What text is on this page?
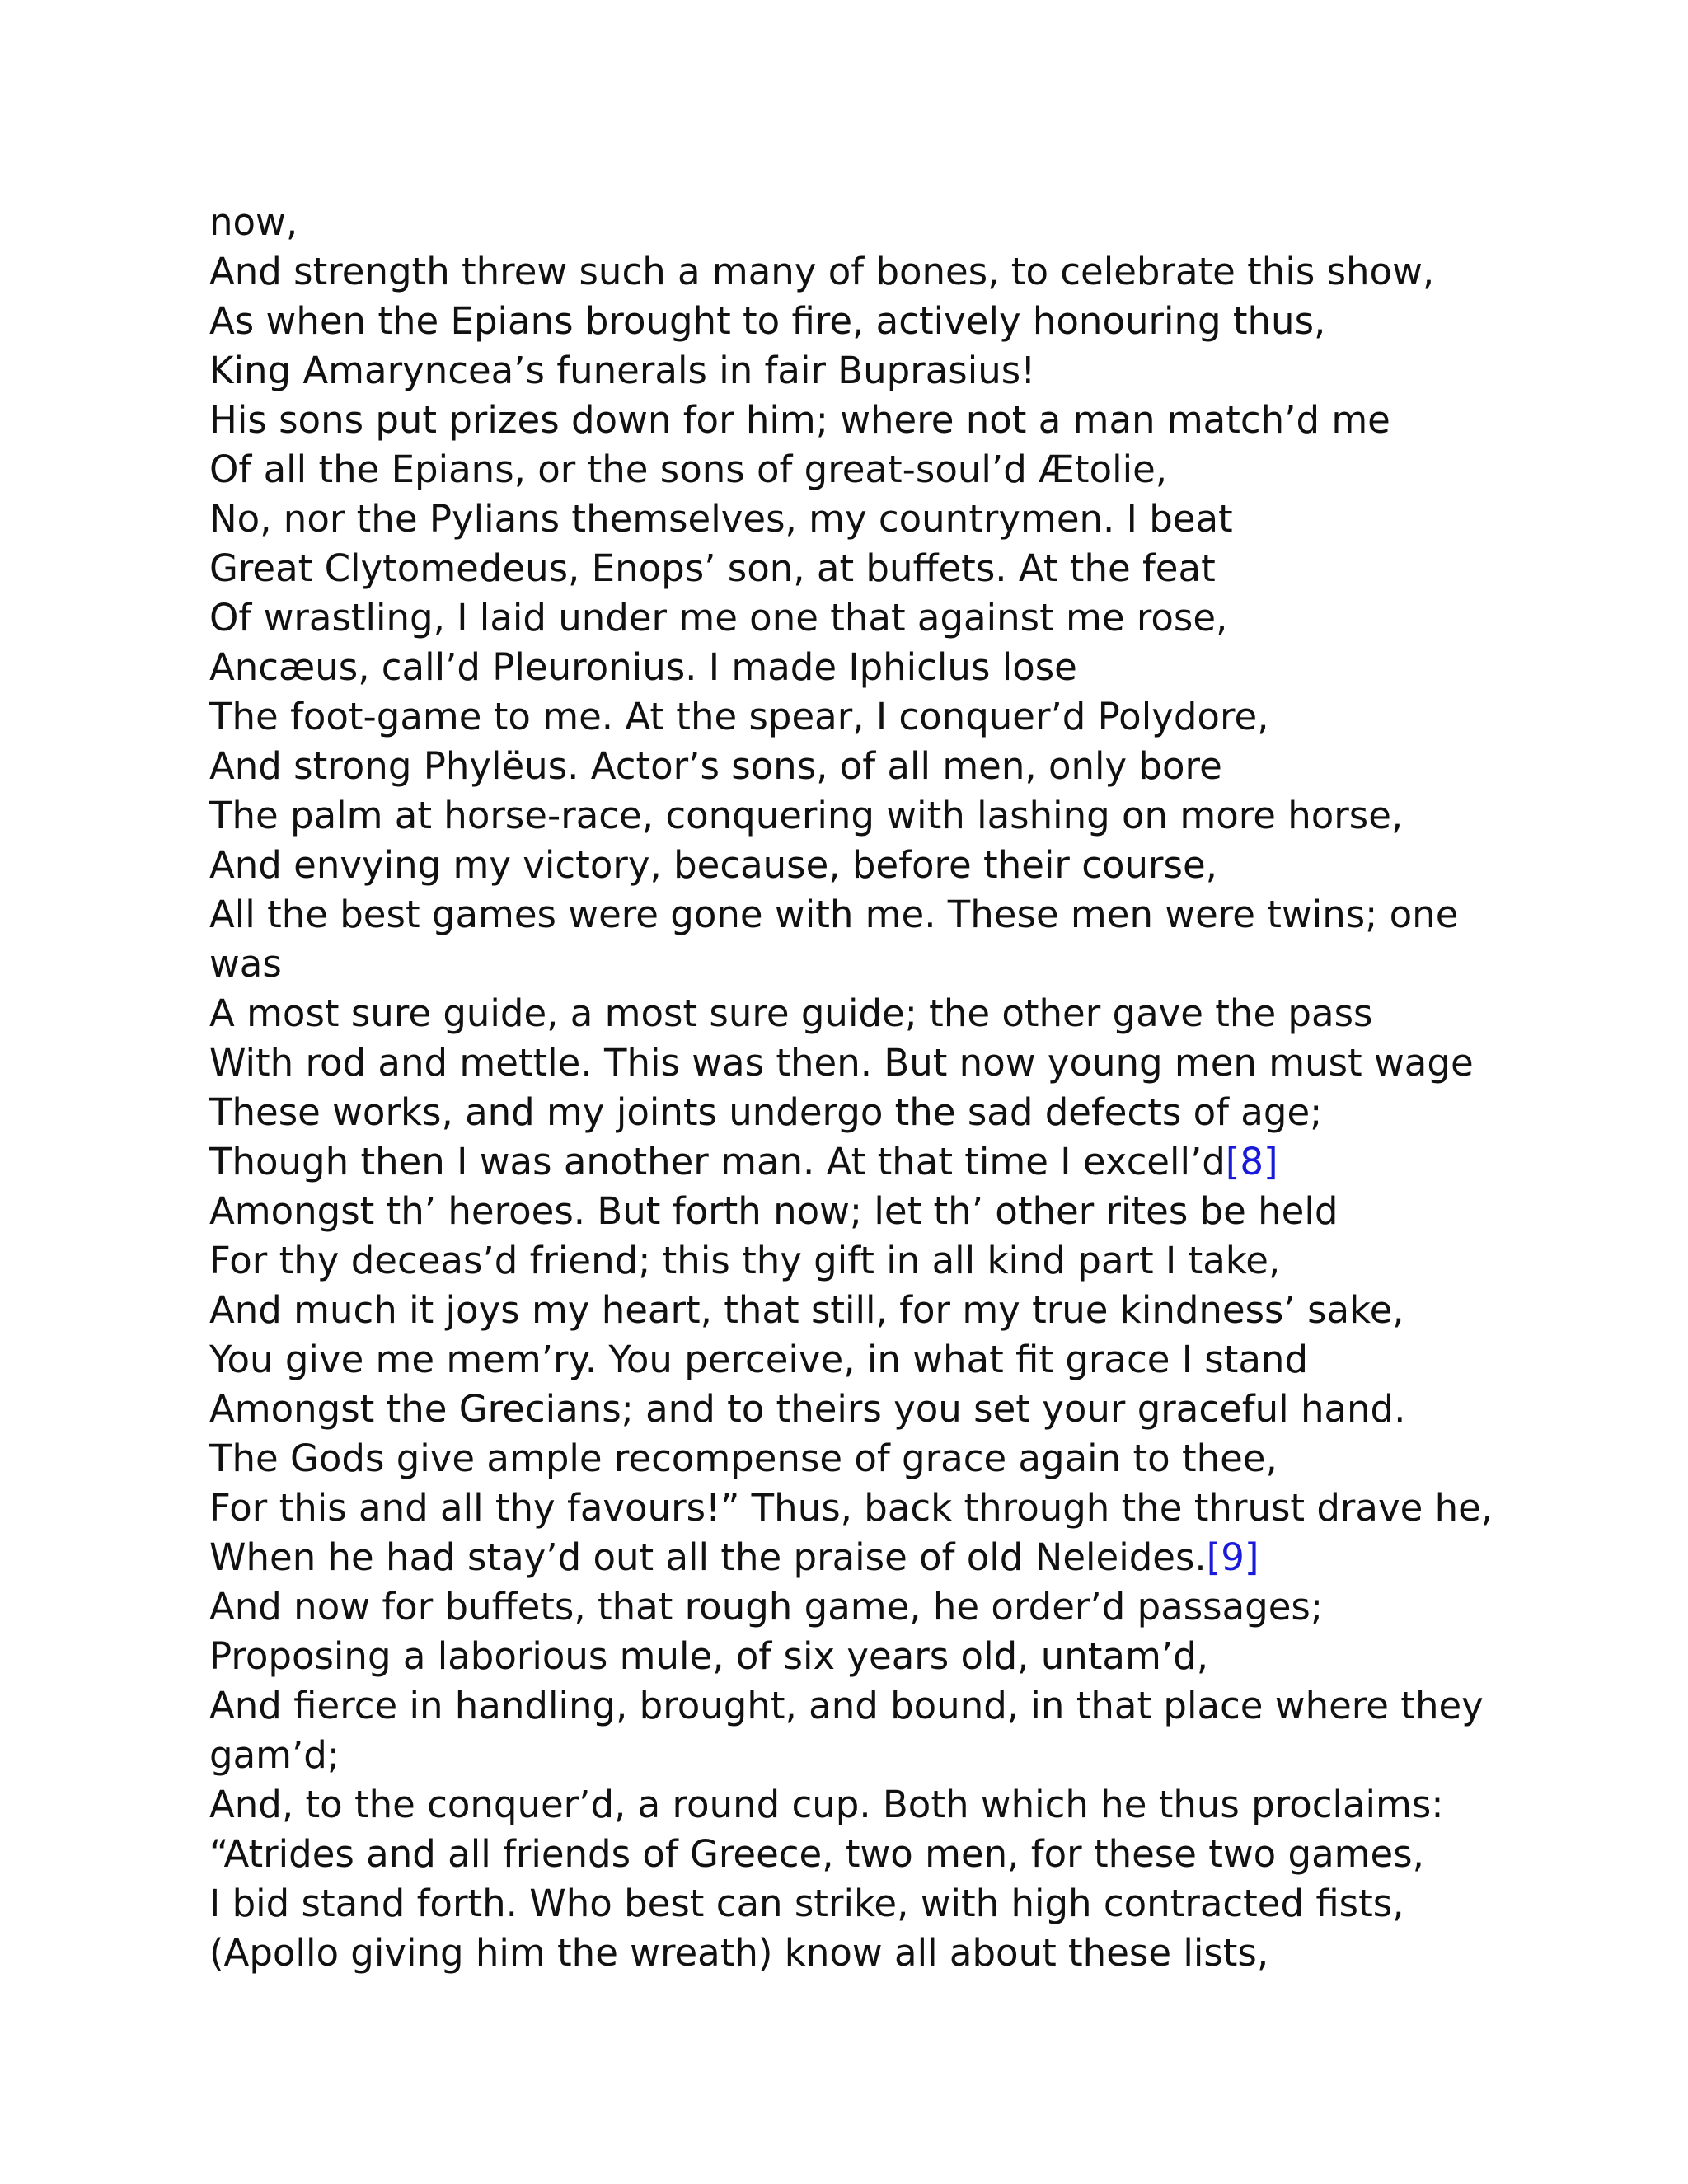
now,
And strength threw such a many of bones, to celebrate this show,
As when the Epians brought to fire, actively honouring thus,
King Amaryncea’s funerals in fair Buprasius!
His sons put prizes down for him; where not a man match’d me
Of all the Epians, or the sons of great-soul’d Ætolie,
No, nor the Pylians themselves, my countrymen. I beat
Great Clytomedeus, Enops’ son, at buffets. At the feat
Of wrastling, I laid under me one that against me rose,
Ancæus, call’d Pleuronius. I made Iphiclus lose
The foot-game to me. At the spear, I conquer’d Polydore,
And strong Phylëus. Actor’s sons, of all men, only bore
The palm at horse-race, conquering with lashing on more horse,
And envying my victory, because, before their course,
All the best games were gone with me. These men were twins; one
was
A most sure guide, a most sure guide; the other gave the pass
With rod and mettle. This was then. But now young men must wage
These works, and my joints undergo the sad defects of age;
Though then I was another man. At that time I excell’d[8]
Amongst th’ heroes. But forth now; let th’ other rites be held
For thy deceas’d friend; this thy gift in all kind part I take,
And much it joys my heart, that still, for my true kindness’ sake,
You give me mem’ry. You perceive, in what fit grace I stand
Amongst the Grecians; and to theirs you set your graceful hand.
The Gods give ample recompense of grace again to thee,
For this and all thy favours!” Thus, back through the thrust drave he,
When he had stay’d out all the praise of old Neleides.[9]
And now for buffets, that rough game, he order’d passages;
Proposing a laborious mule, of six years old, untam’d,
And fierce in handling, brought, and bound, in that place where they
gam’d;
And, to the conquer’d, a round cup. Both which he thus proclaims:
“Atrides and all friends of Greece, two men, for these two games,
I bid stand forth. Who best can strike, with high contracted fists,
(Apollo giving him the wreath) know all about these lists,
